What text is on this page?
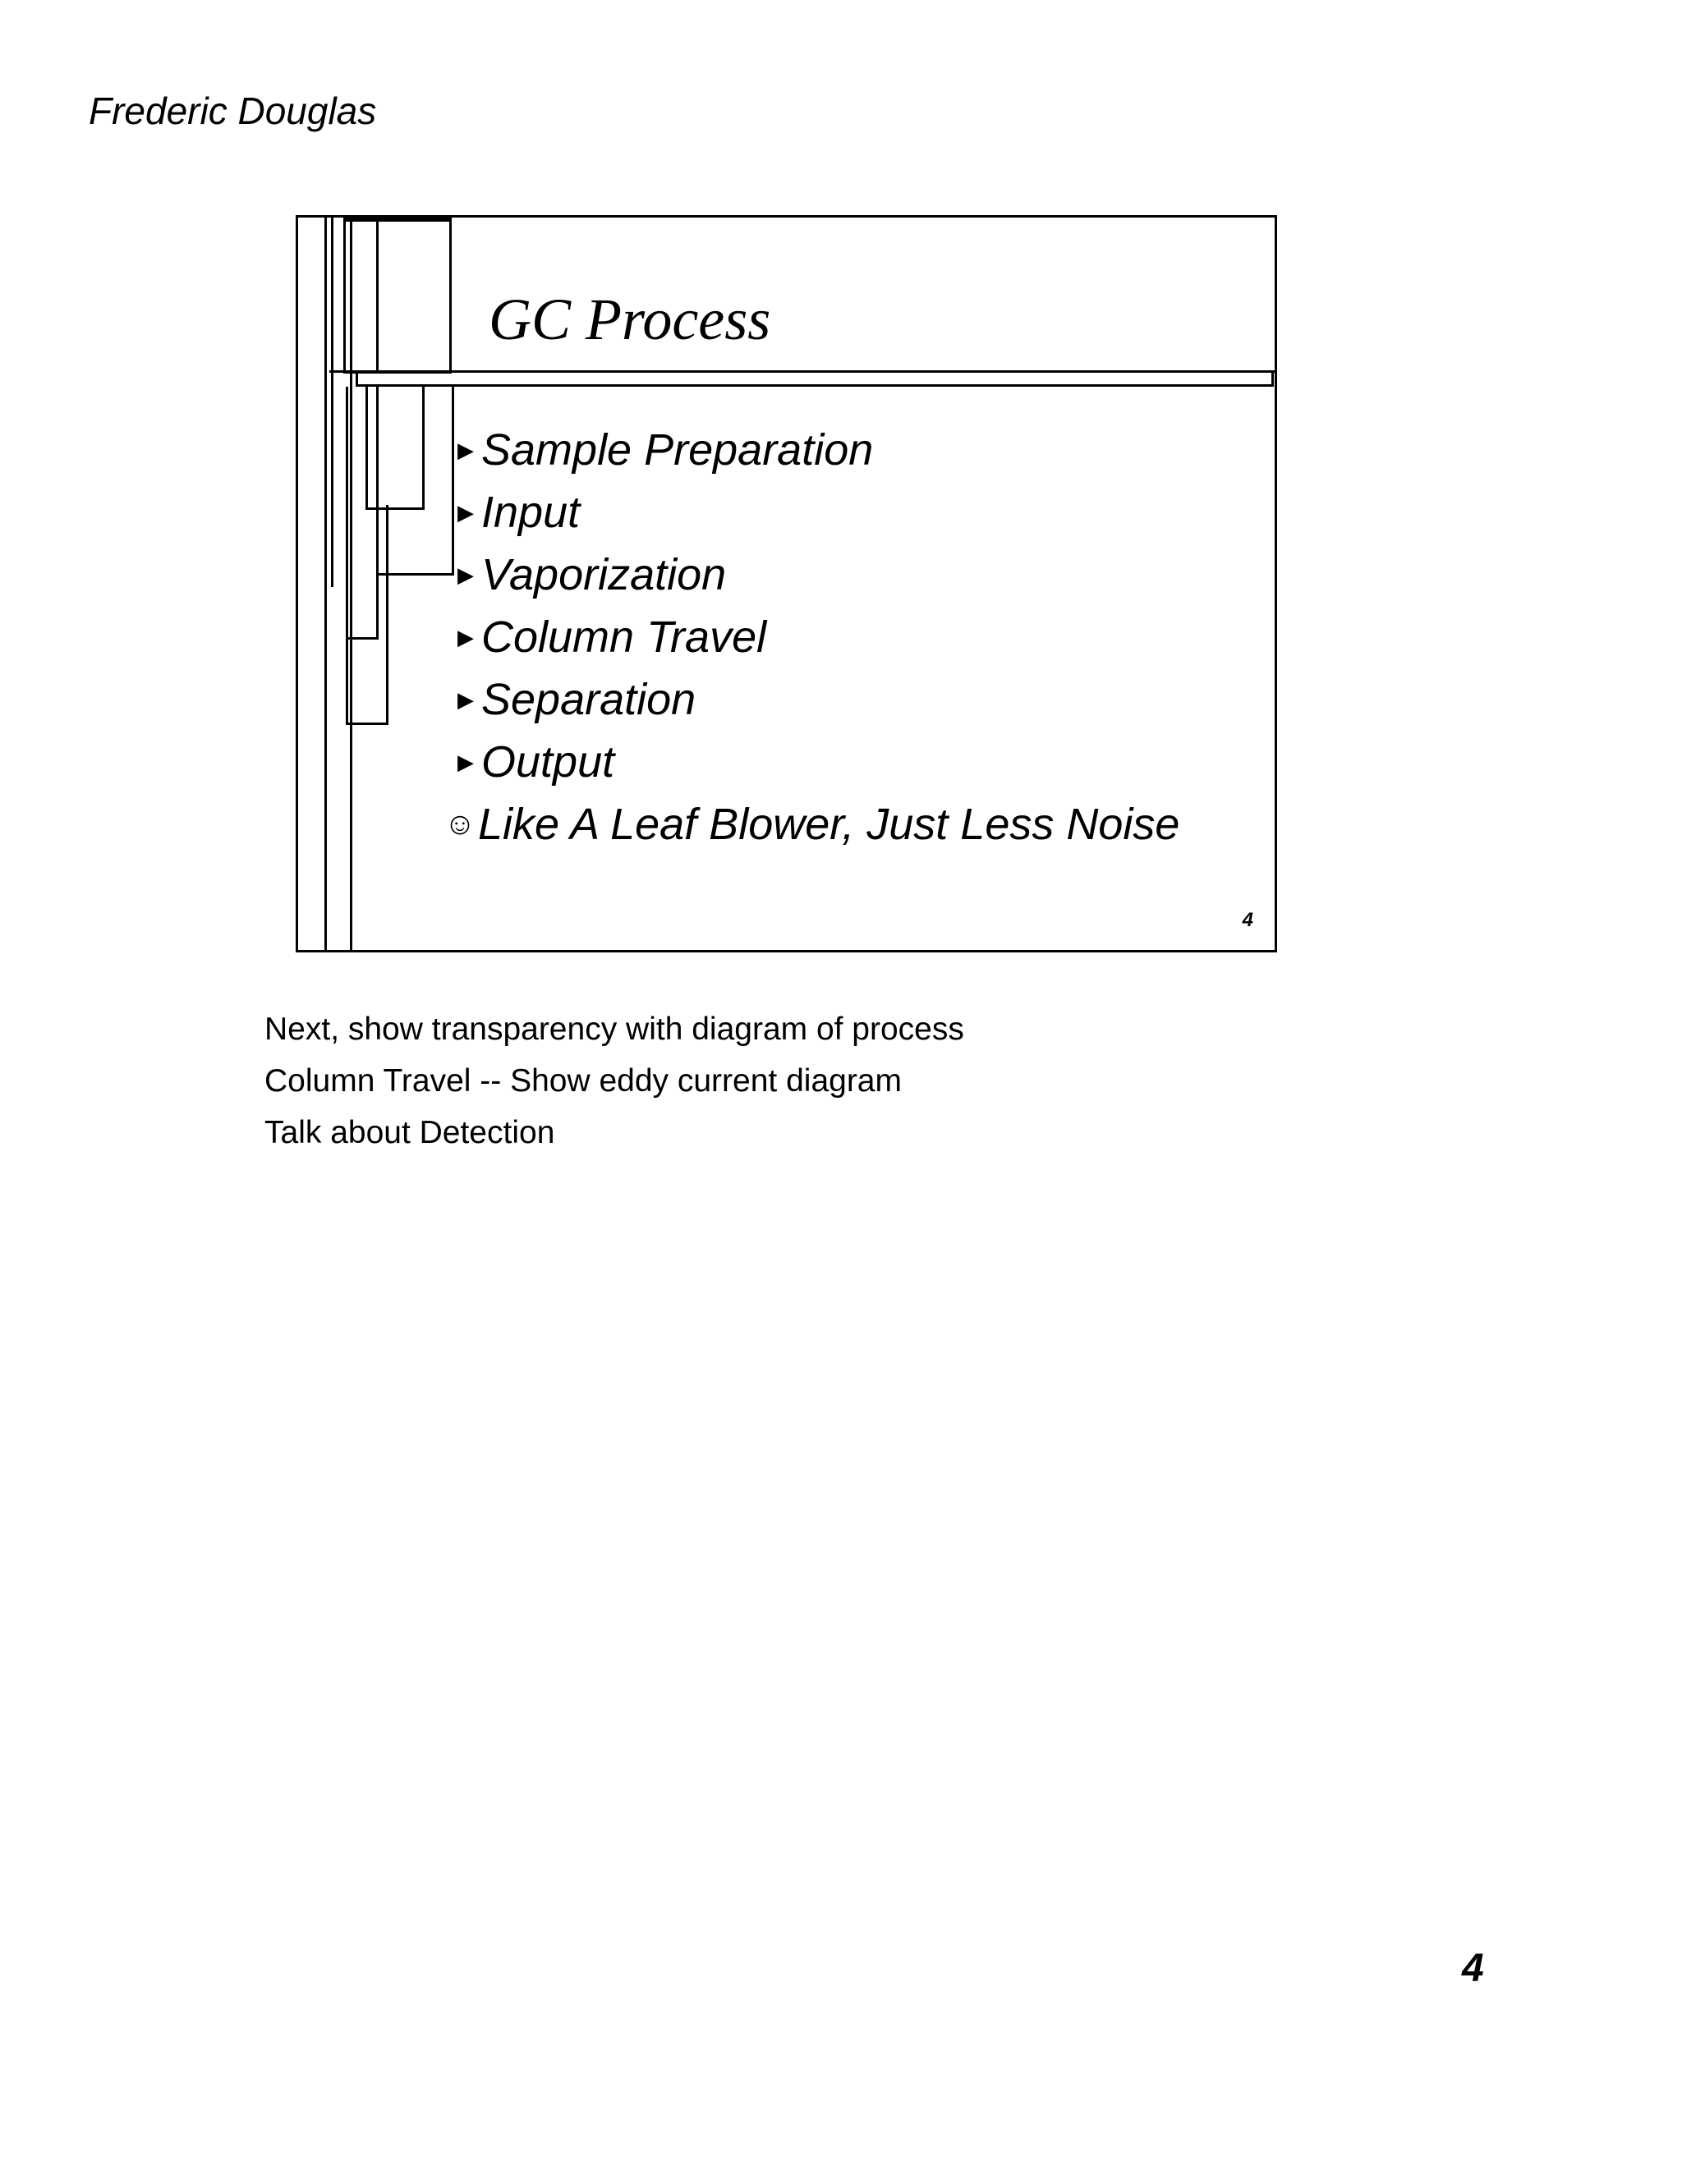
Frederic Douglas
GC Process
▶ Sample Preparation
▶ Input
▶ Vaporization
▶ Column Travel
▶ Separation
▶ Output
☺ Like A Leaf Blower, Just Less Noise
4
Next, show transparency with diagram of process
Column Travel -- Show eddy current diagram
Talk about Detection
4
